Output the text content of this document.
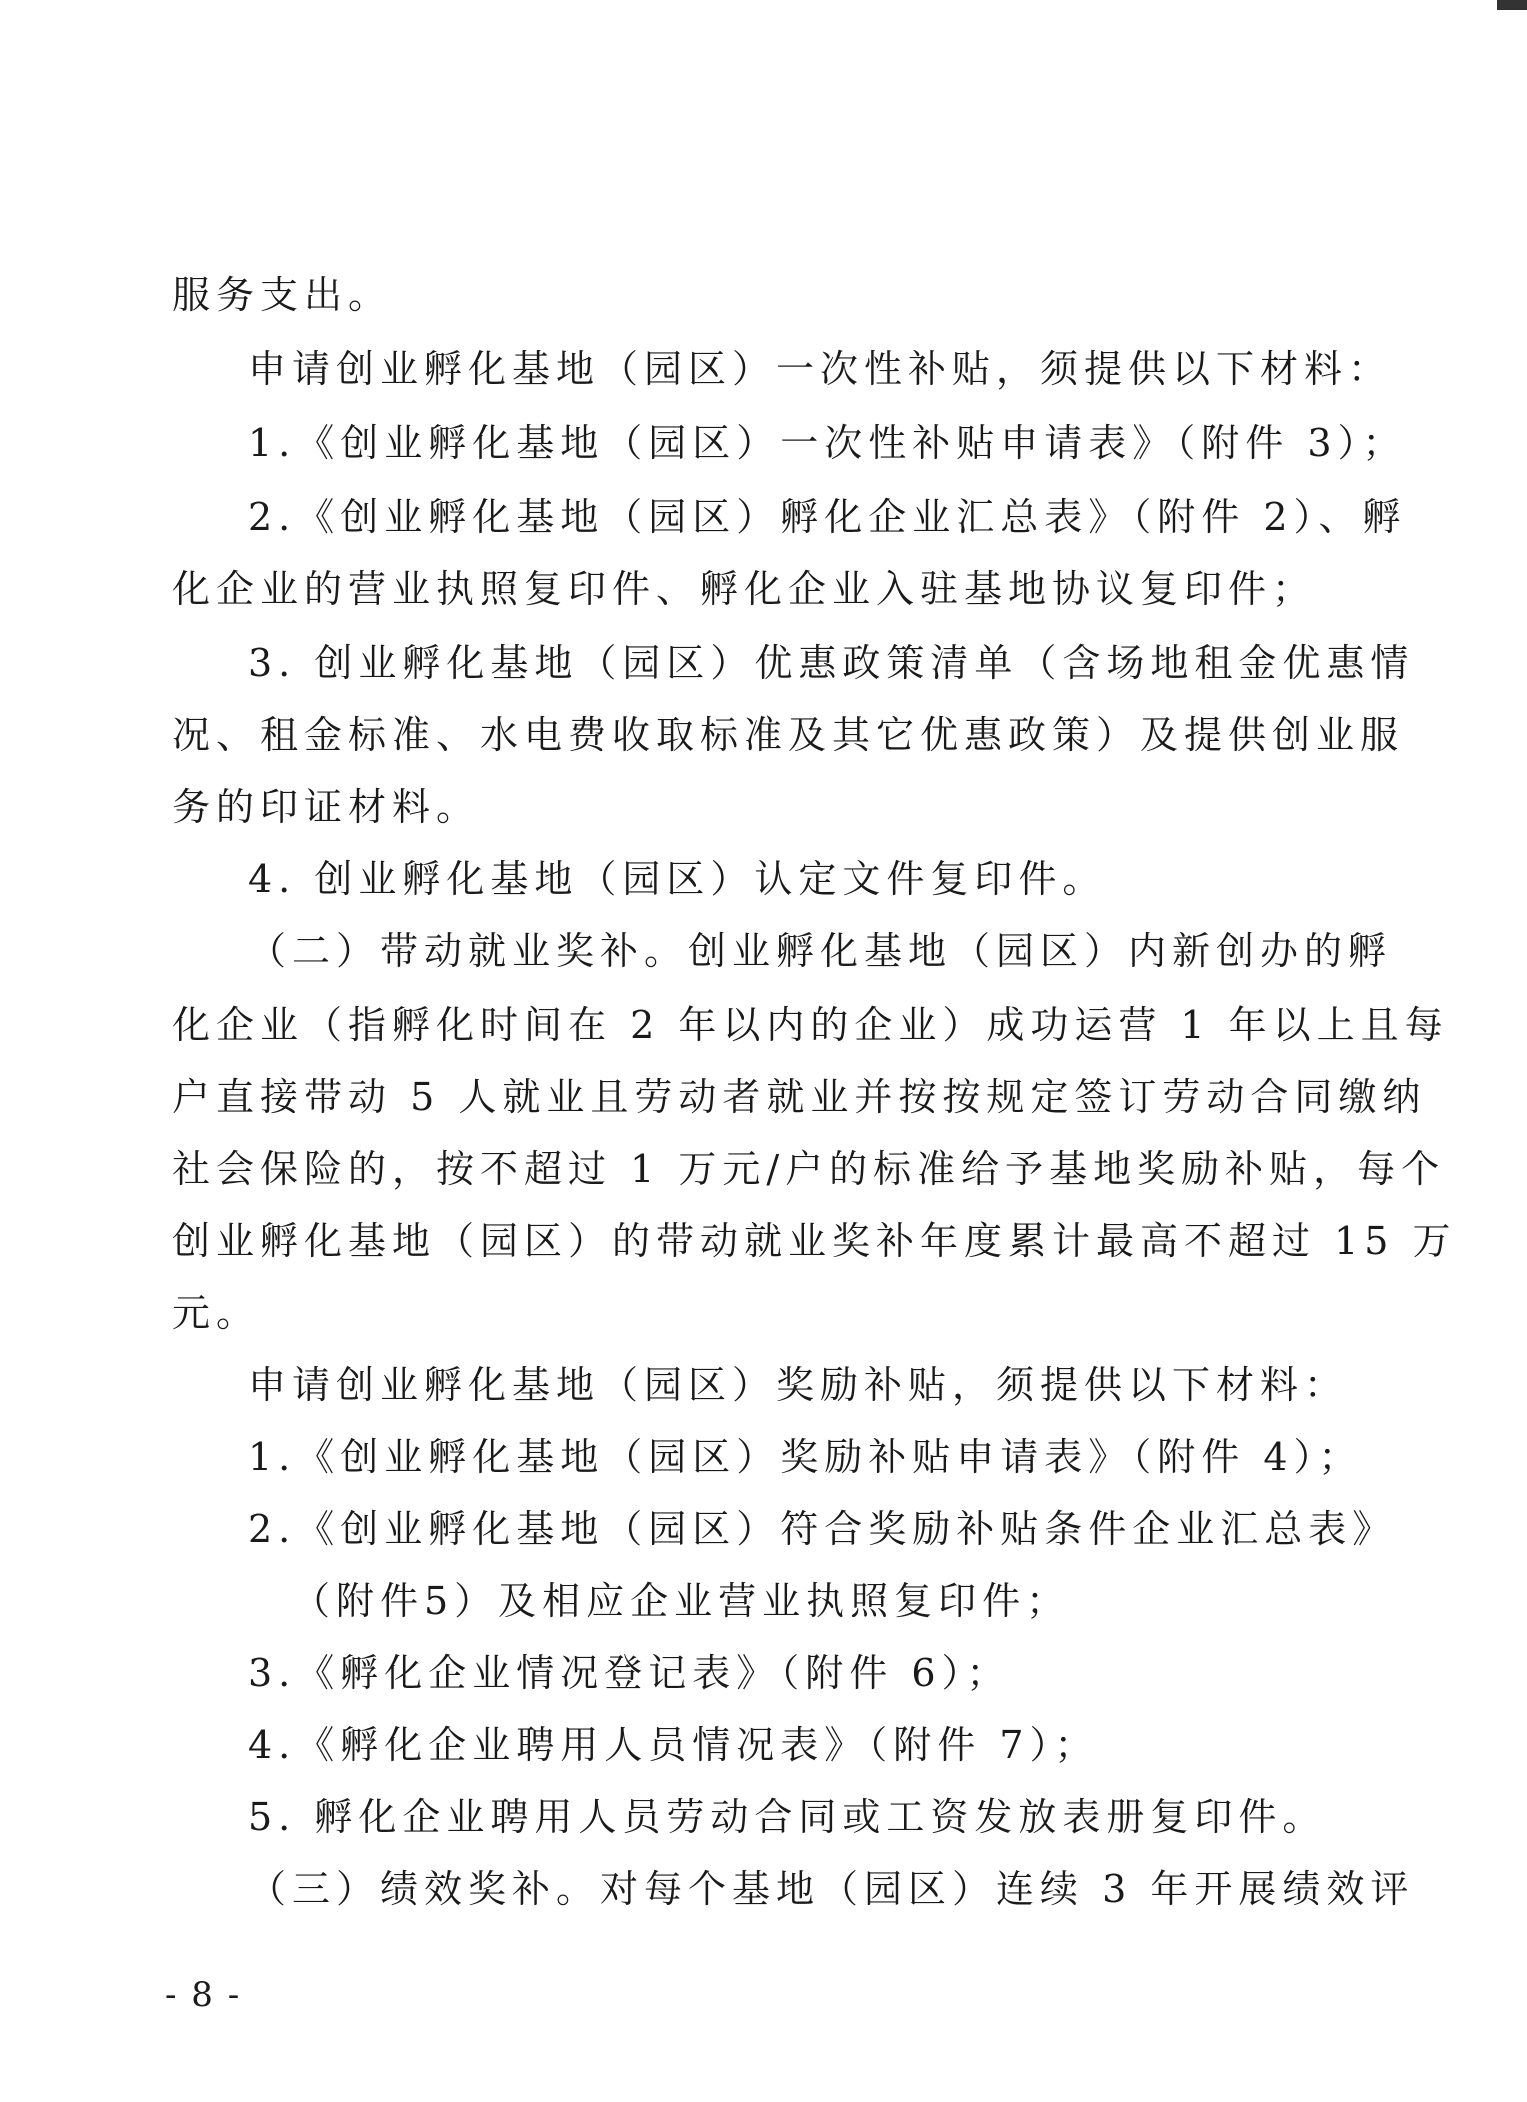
服务支出。

申请创业孵化基地（园区）一次性补贴，须提供以下材料：

1.《创业孵化基地（园区）一次性补贴申请表》（附件 3）；

2.《创业孵化基地（园区）孵化企业汇总表》（附件 2）、孵

化企业的营业执照复印件、孵化企业入驻基地协议复印件；

3. 创业孵化基地（园区）优惠政策清单（含场地租金优惠情

况、租金标准、水电费收取标准及其它优惠政策）及提供创业服

务的印证材料。

4. 创业孵化基地（园区）认定文件复印件。

（二）带动就业奖补。创业孵化基地（园区）内新创办的孵

化企业（指孵化时间在 2 年以内的企业）成功运营 1 年以上且每

户直接带动 5 人就业且劳动者就业并按按规定签订劳动合同缴纳

社会保险的，按不超过 1 万元/户的标准给予基地奖励补贴，每个

创业孵化基地（园区）的带动就业奖补年度累计最高不超过 15 万

元。

申请创业孵化基地（园区）奖励补贴，须提供以下材料：

1.《创业孵化基地（园区）奖励补贴申请表》（附件 4）；

2.《创业孵化基地（园区）符合奖励补贴条件企业汇总表》

（附件5）及相应企业营业执照复印件；

3.《孵化企业情况登记表》（附件 6）；

4.《孵化企业聘用人员情况表》（附件 7）；

5. 孵化企业聘用人员劳动合同或工资发放表册复印件。

（三）绩效奖补。对每个基地（园区）连续 3 年开展绩效评

- 8 -
